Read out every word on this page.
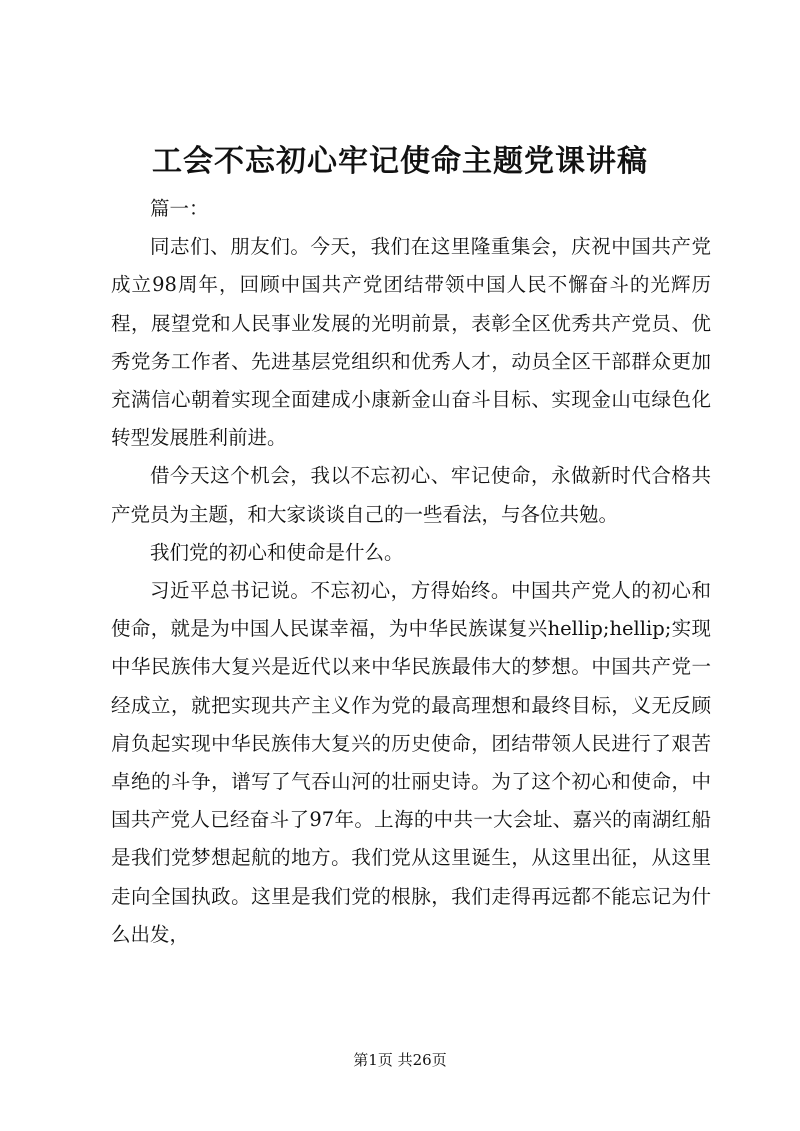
工会不忘初心牢记使命主题党课讲稿

篇一：

同志们、朋友们。今天，我们在这里隆重集会，庆祝中国共产党成立98周年，回顾中国共产党团结带领中国人民不懈奋斗的光辉历程，展望党和人民事业发展的光明前景，表彰全区优秀共产党员、优秀党务工作者、先进基层党组织和优秀人才，动员全区干部群众更加充满信心朝着实现全面建成小康新金山奋斗目标、实现金山屯绿色化转型发展胜利前进。

借今天这个机会，我以不忘初心、牢记使命，永做新时代合格共产党员为主题，和大家谈谈自己的一些看法，与各位共勉。

我们党的初心和使命是什么。

习近平总书记说。不忘初心，方得始终。中国共产党人的初心和使命，就是为中国人民谋幸福，为中华民族谋复兴hellip;hellip;实现中华民族伟大复兴是近代以来中华民族最伟大的梦想。中国共产党一经成立，就把实现共产主义作为党的最高理想和最终目标，义无反顾肩负起实现中华民族伟大复兴的历史使命，团结带领人民进行了艰苦卓绝的斗争，谱写了气吞山河的壮丽史诗。为了这个初心和使命，中国共产党人已经奋斗了97年。上海的中共一大会址、嘉兴的南湖红船是我们党梦想起航的地方。我们党从这里诞生，从这里出征，从这里走向全国执政。这里是我们党的根脉，我们走得再远都不能忘记为什么出发，

第1页 共26页
